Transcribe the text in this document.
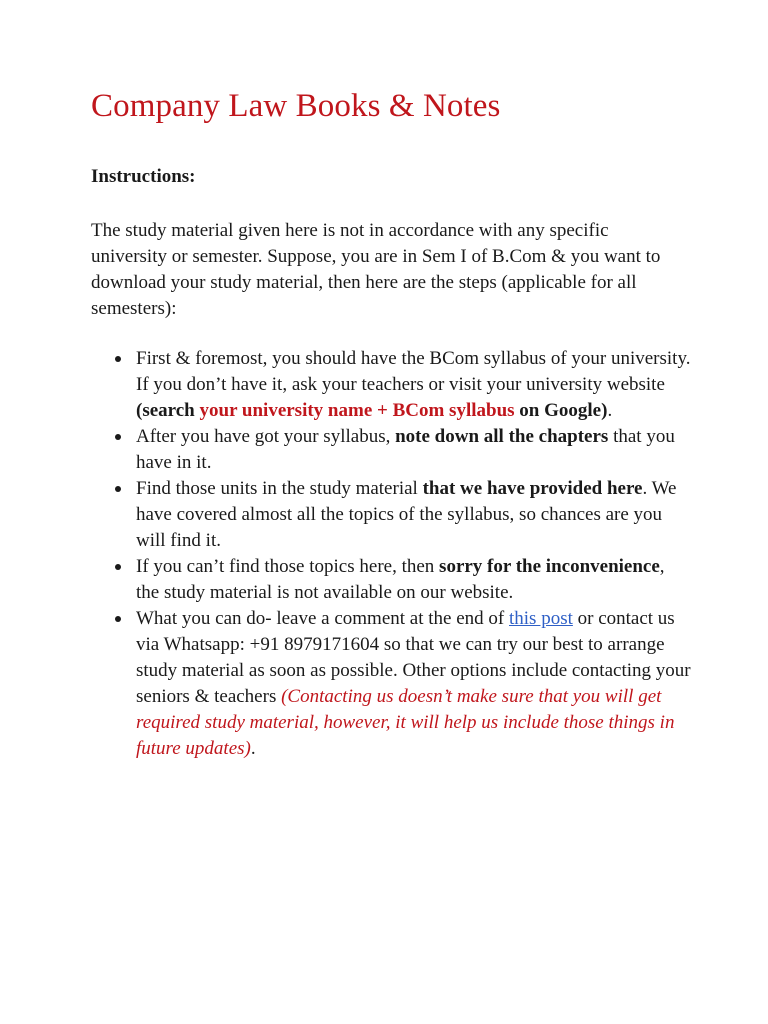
Company Law Books & Notes

Instructions:

The study material given here is not in accordance with any specific university or semester. Suppose, you are in Sem I of B.Com & you want to download your study material, then here are the steps (applicable for all semesters):

First & foremost, you should have the BCom syllabus of your university. If you don’t have it, ask your teachers or visit your university website (search your university name + BCom syllabus on Google).
After you have got your syllabus, note down all the chapters that you have in it.
Find those units in the study material that we have provided here. We have covered almost all the topics of the syllabus, so chances are you will find it.
If you can’t find those topics here, then sorry for the inconvenience, the study material is not available on our website.
What you can do- leave a comment at the end of this post or contact us via Whatsapp: +91 8979171604 so that we can try our best to arrange study material as soon as possible. Other options include contacting your seniors & teachers (Contacting us doesn’t make sure that you will get required study material, however, it will help us include those things in future updates).
